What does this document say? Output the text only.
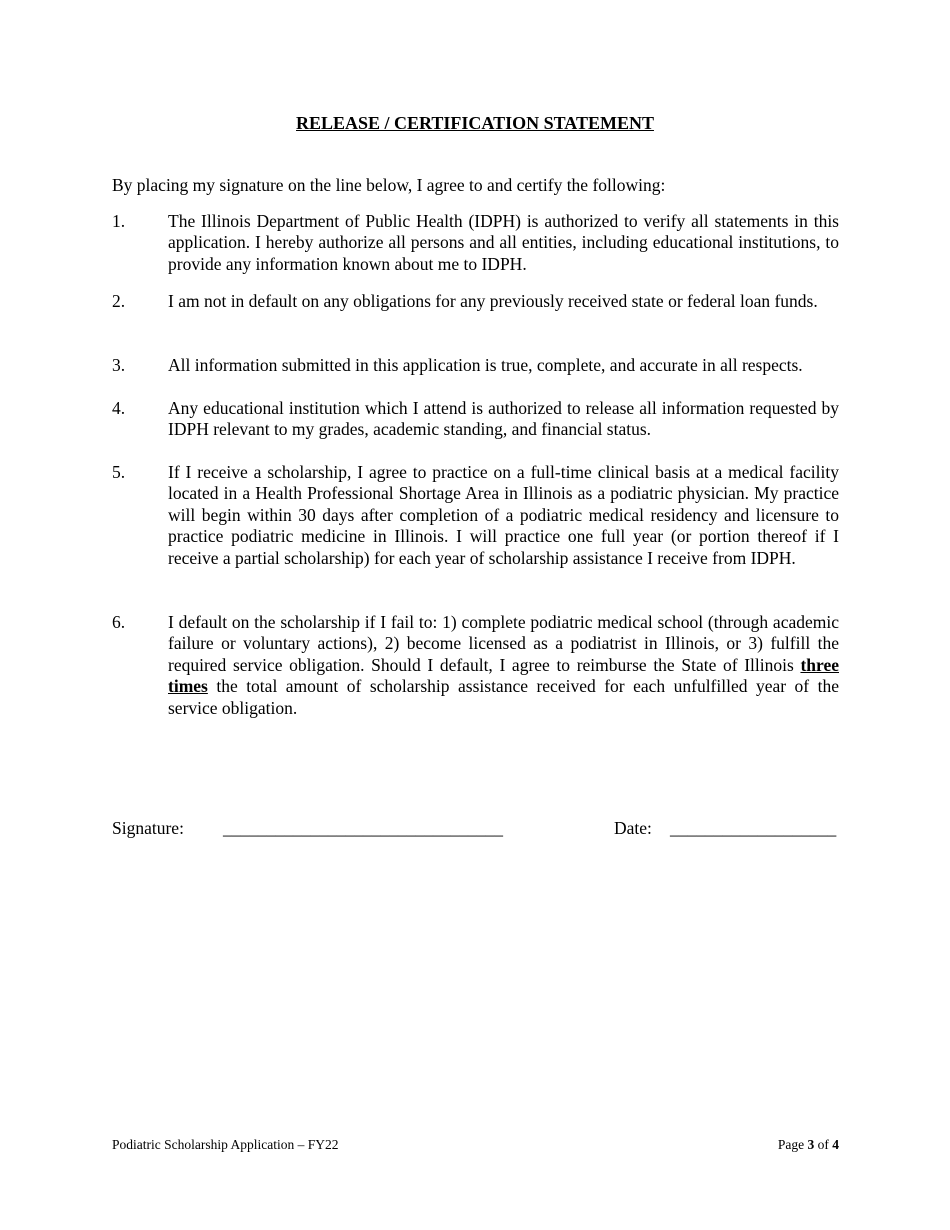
RELEASE / CERTIFICATION STATEMENT

By placing my signature on the line below, I agree to and certify the following:

1. The Illinois Department of Public Health (IDPH) is authorized to verify all statements in this application. I hereby authorize all persons and all entities, including educational institutions, to provide any information known about me to IDPH.
2. I am not in default on any obligations for any previously received state or federal loan funds.
3. All information submitted in this application is true, complete, and accurate in all respects.
4. Any educational institution which I attend is authorized to release all information requested by IDPH relevant to my grades, academic standing, and financial status.
5. If I receive a scholarship, I agree to practice on a full-time clinical basis at a medical facility located in a Health Professional Shortage Area in Illinois as a podiatric physician. My practice will begin within 30 days after completion of a podiatric medical residency and licensure to practice podiatric medicine in Illinois. I will practice one full year (or portion thereof if I receive a partial scholarship) for each year of scholarship assistance I receive from IDPH.
6. I default on the scholarship if I fail to: 1) complete podiatric medical school (through academic failure or voluntary actions), 2) become licensed as a podiatrist in Illinois, or 3) fulfill the required service obligation. Should I default, I agree to reimburse the State of Illinois three times the total amount of scholarship assistance received for each unfulfilled year of the service obligation.
Signature: ________________________________	Date: ___________________
Podiatric Scholarship Application – FY22	Page 3 of 4
